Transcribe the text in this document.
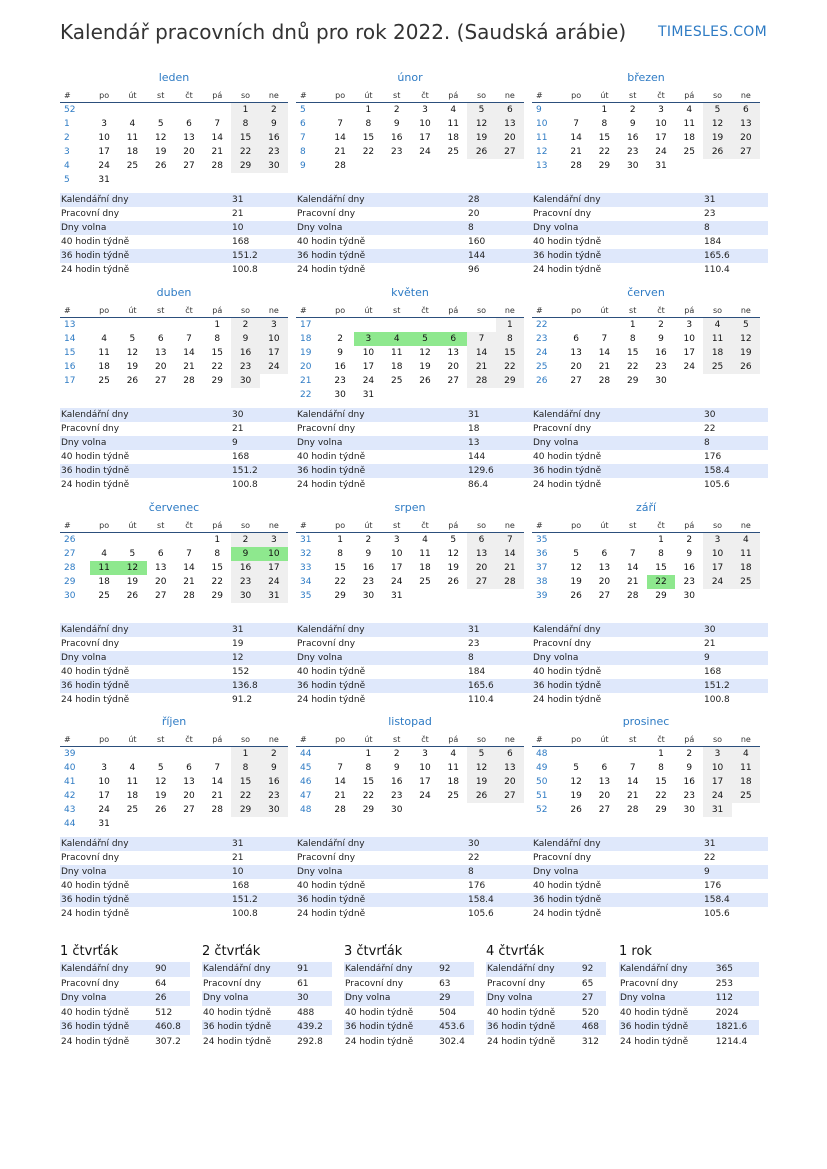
Kalendář pracovních dnů pro rok 2022. (Saudská arábie) TIMESLES.COM
leden
#	po	út	st	čt	pá	so	ne
52						1	2
1	3	4	5	6	7	8	9
2	10	11	12	13	14	15	16
3	17	18	19	20	21	22	23
4	24	25	26	27	28	29	30
5	31						
Kalendářní dny	31
Pracovní dny	21
Dny volna	10
40 hodin týdně	168
36 hodin týdně	151.2
24 hodin týdně	100.8
únor
#	po	út	st	čt	pá	so	ne
5		1	2	3	4	5	6
6	7	8	9	10	11	12	13
7	14	15	16	17	18	19	20
8	21	22	23	24	25	26	27
9	28						
Kalendářní dny	28
Pracovní dny	20
Dny volna	8
40 hodin týdně	160
36 hodin týdně	144
24 hodin týdně	96
březen
#	po	út	st	čt	pá	so	ne
9		1	2	3	4	5	6
10	7	8	9	10	11	12	13
11	14	15	16	17	18	19	20
12	21	22	23	24	25	26	27
13	28	29	30	31			
Kalendářní dny	31
Pracovní dny	23
Dny volna	8
40 hodin týdně	184
36 hodin týdně	165.6
24 hodin týdně	110.4
duben
#	po	út	st	čt	pá	so	ne
13					1	2	3
14	4	5	6	7	8	9	10
15	11	12	13	14	15	16	17
16	18	19	20	21	22	23	24
17	25	26	27	28	29	30	
Kalendářní dny	30
Pracovní dny	21
Dny volna	9
40 hodin týdně	168
36 hodin týdně	151.2
24 hodin týdně	100.8
květen
#	po	út	st	čt	pá	so	ne
17							1
18	2	3	4	5	6	7	8
19	9	10	11	12	13	14	15
20	16	17	18	19	20	21	22
21	23	24	25	26	27	28	29
22	30	31					
Kalendářní dny	31
Pracovní dny	18
Dny volna	13
40 hodin týdně	144
36 hodin týdně	129.6
24 hodin týdně	86.4
červen
#	po	út	st	čt	pá	so	ne
22			1	2	3	4	5
23	6	7	8	9	10	11	12
24	13	14	15	16	17	18	19
25	20	21	22	23	24	25	26
26	27	28	29	30			
Kalendářní dny	30
Pracovní dny	22
Dny volna	8
40 hodin týdně	176
36 hodin týdně	158.4
24 hodin týdně	105.6
červenec
#	po	út	st	čt	pá	so	ne
26					1	2	3
27	4	5	6	7	8	9	10
28	11	12	13	14	15	16	17
29	18	19	20	21	22	23	24
30	25	26	27	28	29	30	31
Kalendářní dny	31
Pracovní dny	19
Dny volna	12
40 hodin týdně	152
36 hodin týdně	136.8
24 hodin týdně	91.2
srpen
#	po	út	st	čt	pá	so	ne
31	1	2	3	4	5	6	7
32	8	9	10	11	12	13	14
33	15	16	17	18	19	20	21
34	22	23	24	25	26	27	28
35	29	30	31				
Kalendářní dny	31
Pracovní dny	23
Dny volna	8
40 hodin týdně	184
36 hodin týdně	165.6
24 hodin týdně	110.4
září
#	po	út	st	čt	pá	so	ne
35				1	2	3	4
36	5	6	7	8	9	10	11
37	12	13	14	15	16	17	18
38	19	20	21	22	23	24	25
39	26	27	28	29	30		
Kalendářní dny	30
Pracovní dny	21
Dny volna	9
40 hodin týdně	168
36 hodin týdně	151.2
24 hodin týdně	100.8
říjen
#	po	út	st	čt	pá	so	ne
39						1	2
40	3	4	5	6	7	8	9
41	10	11	12	13	14	15	16
42	17	18	19	20	21	22	23
43	24	25	26	27	28	29	30
44	31						
Kalendářní dny	31
Pracovní dny	21
Dny volna	10
40 hodin týdně	168
36 hodin týdně	151.2
24 hodin týdně	100.8
listopad
#	po	út	st	čt	pá	so	ne
44		1	2	3	4	5	6
45	7	8	9	10	11	12	13
46	14	15	16	17	18	19	20
47	21	22	23	24	25	26	27
48	28	29	30				
Kalendářní dny	30
Pracovní dny	22
Dny volna	8
40 hodin týdně	176
36 hodin týdně	158.4
24 hodin týdně	105.6
prosinec
#	po	út	st	čt	pá	so	ne
48				1	2	3	4
49	5	6	7	8	9	10	11
50	12	13	14	15	16	17	18
51	19	20	21	22	23	24	25
52	26	27	28	29	30	31	
Kalendářní dny	31
Pracovní dny	22
Dny volna	9
40 hodin týdně	176
36 hodin týdně	158.4
24 hodin týdně	105.6
1 čtvrťák
Kalendářní dny	90
Pracovní dny	64
Dny volna	26
40 hodin týdně	512
36 hodin týdně	460.8
24 hodin týdně	307.2
2 čtvrťák
Kalendářní dny	91
Pracovní dny	61
Dny volna	30
40 hodin týdně	488
36 hodin týdně	439.2
24 hodin týdně	292.8
3 čtvrťák
Kalendářní dny	92
Pracovní dny	63
Dny volna	29
40 hodin týdně	504
36 hodin týdně	453.6
24 hodin týdně	302.4
4 čtvrťák
Kalendářní dny	92
Pracovní dny	65
Dny volna	27
40 hodin týdně	520
36 hodin týdně	468
24 hodin týdně	312
1 rok
Kalendářní dny	365
Pracovní dny	253
Dny volna	112
40 hodin týdně	2024
36 hodin týdně	1821.6
24 hodin týdně	1214.4
